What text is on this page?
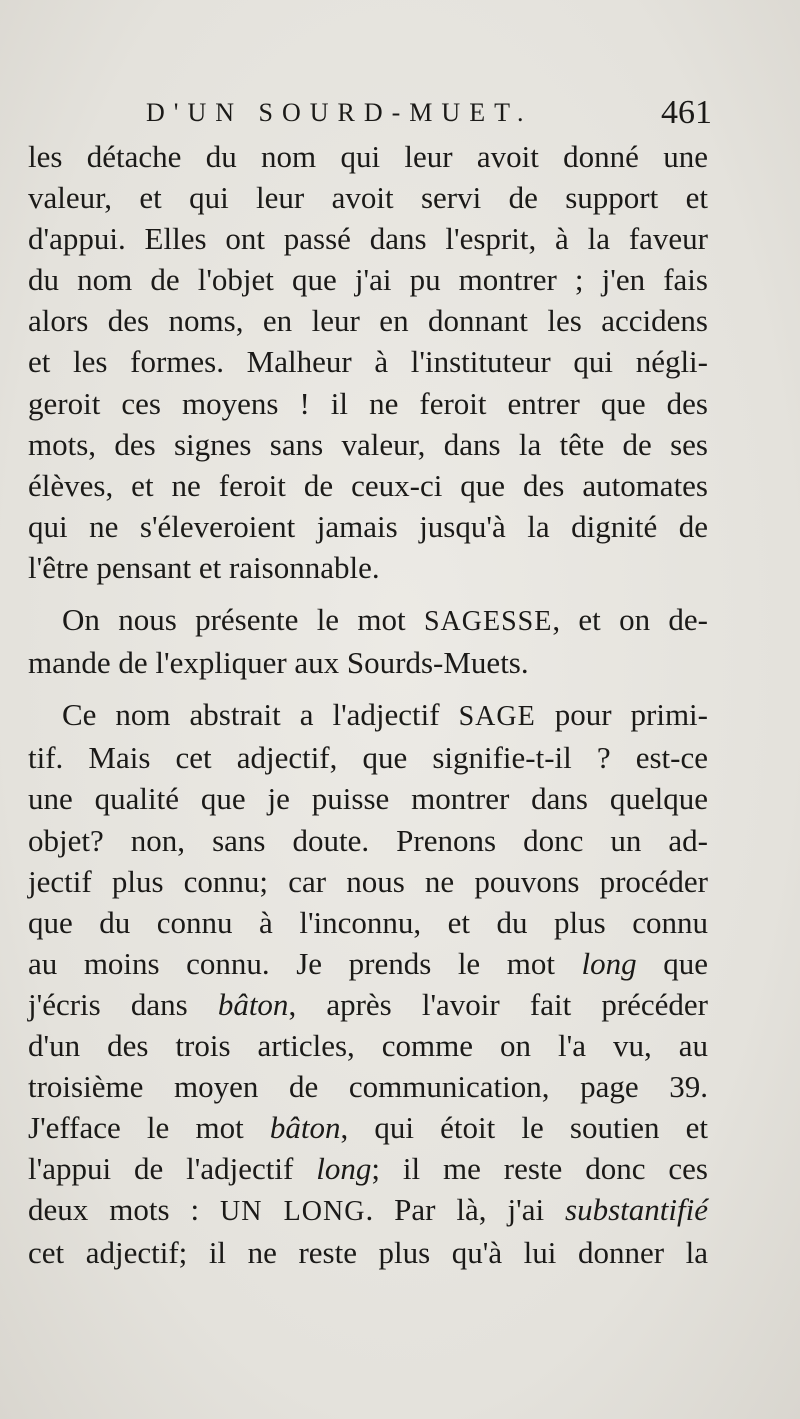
D'UN SOURD-MUET.	461
les détache du nom qui leur avoit donné une
valeur, et qui leur avoit servi de support et
d'appui. Elles ont passé dans l'esprit, à la faveur
du nom de l'objet que j'ai pu montrer ; j'en fais
alors des noms, en leur en donnant les accidens
et les formes. Malheur à l'instituteur qui négli-
geroit ces moyens ! il ne feroit entrer que des
mots, des signes sans valeur, dans la tête de ses
élèves, et ne feroit de ceux-ci que des automates
qui ne s'éleveroient jamais jusqu'à la dignité de
l'être pensant et raisonnable.
On nous présente le mot SAGESSE, et on de-
mande de l'expliquer aux Sourds-Muets.
Ce nom abstrait a l'adjectif SAGE pour primi-
tif. Mais cet adjectif, que signifie-t-il ? est-ce
une qualité que je puisse montrer dans quelque
objet? non, sans doute. Prenons donc un ad-
jectif plus connu; car nous ne pouvons procéder
que du connu à l'inconnu, et du plus connu
au moins connu. Je prends le mot long que
j'écris dans bâton, après l'avoir fait précéder
d'un des trois articles, comme on l'a vu, au
troisième moyen de communication, page 39.
J'efface le mot bâton, qui étoit le soutien et
l'appui de l'adjectif long; il me reste donc ces
deux mots : UN LONG. Par là, j'ai substantifié
cet adjectif; il ne reste plus qu'à lui donner la
